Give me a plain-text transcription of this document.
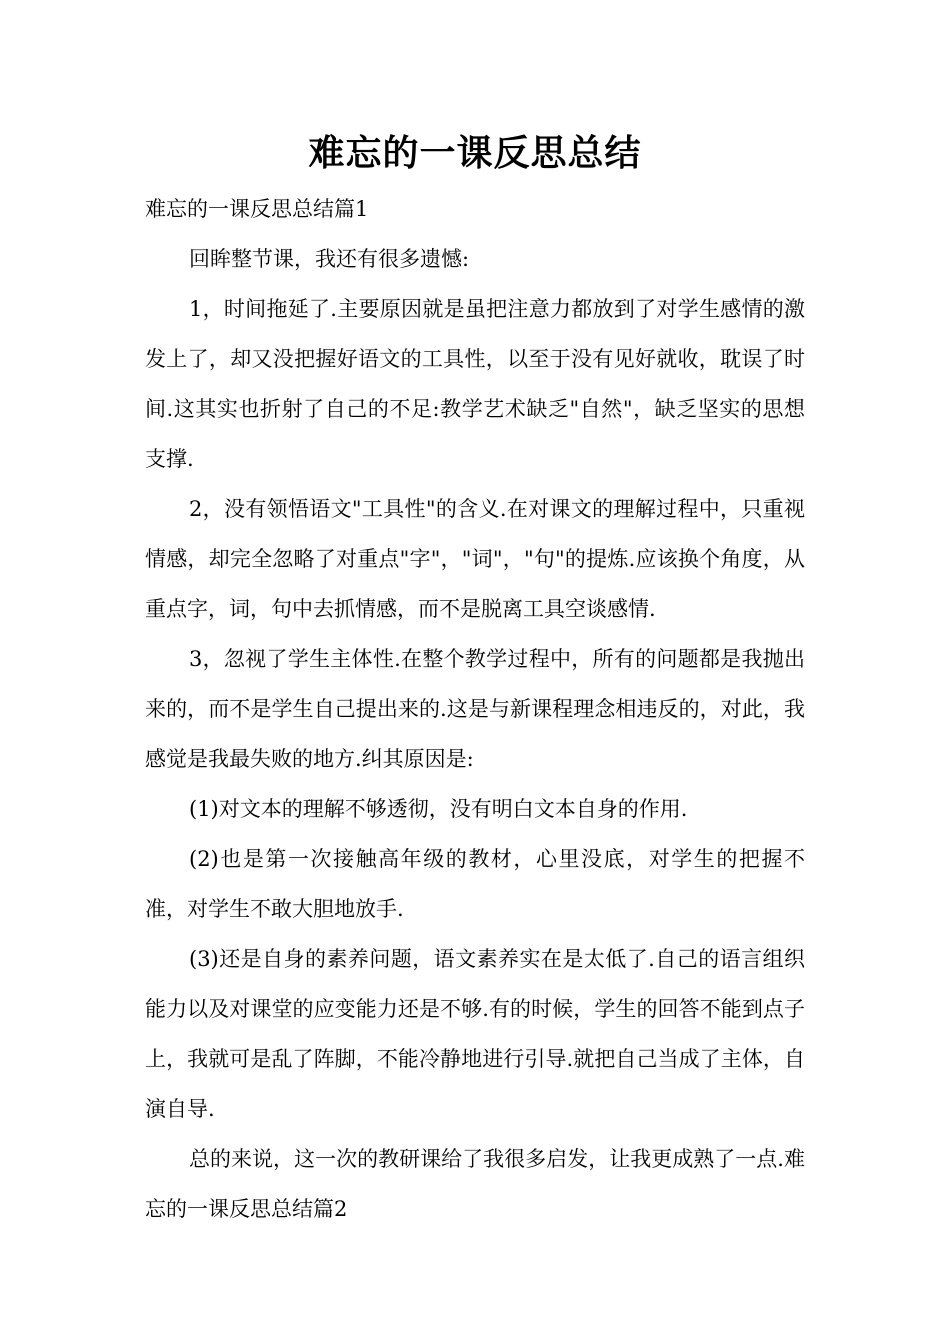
难忘的一课反思总结

难忘的一课反思总结篇1

回眸整节课，我还有很多遗憾:

1，时间拖延了.主要原因就是虽把注意力都放到了对学生感情的激发上了，却又没把握好语文的工具性，以至于没有见好就收，耽误了时间.这其实也折射了自己的不足:教学艺术缺乏"自然"，缺乏坚实的思想支撑.

2，没有领悟语文"工具性"的含义.在对课文的理解过程中，只重视情感，却完全忽略了对重点"字"，"词"，"句"的提炼.应该换个角度，从重点字，词，句中去抓情感，而不是脱离工具空谈感情.

3，忽视了学生主体性.在整个教学过程中，所有的问题都是我抛出来的，而不是学生自己提出来的.这是与新课程理念相违反的，对此，我感觉是我最失败的地方.纠其原因是:

(1)对文本的理解不够透彻，没有明白文本自身的作用.

(2)也是第一次接触高年级的教材，心里没底，对学生的把握不准，对学生不敢大胆地放手.

(3)还是自身的素养问题，语文素养实在是太低了.自己的语言组织能力以及对课堂的应变能力还是不够.有的时候，学生的回答不能到点子上，我就可是乱了阵脚，不能冷静地进行引导.就把自己当成了主体，自演自导.

总的来说，这一次的教研课给了我很多启发，让我更成熟了一点.难忘的一课反思总结篇2
